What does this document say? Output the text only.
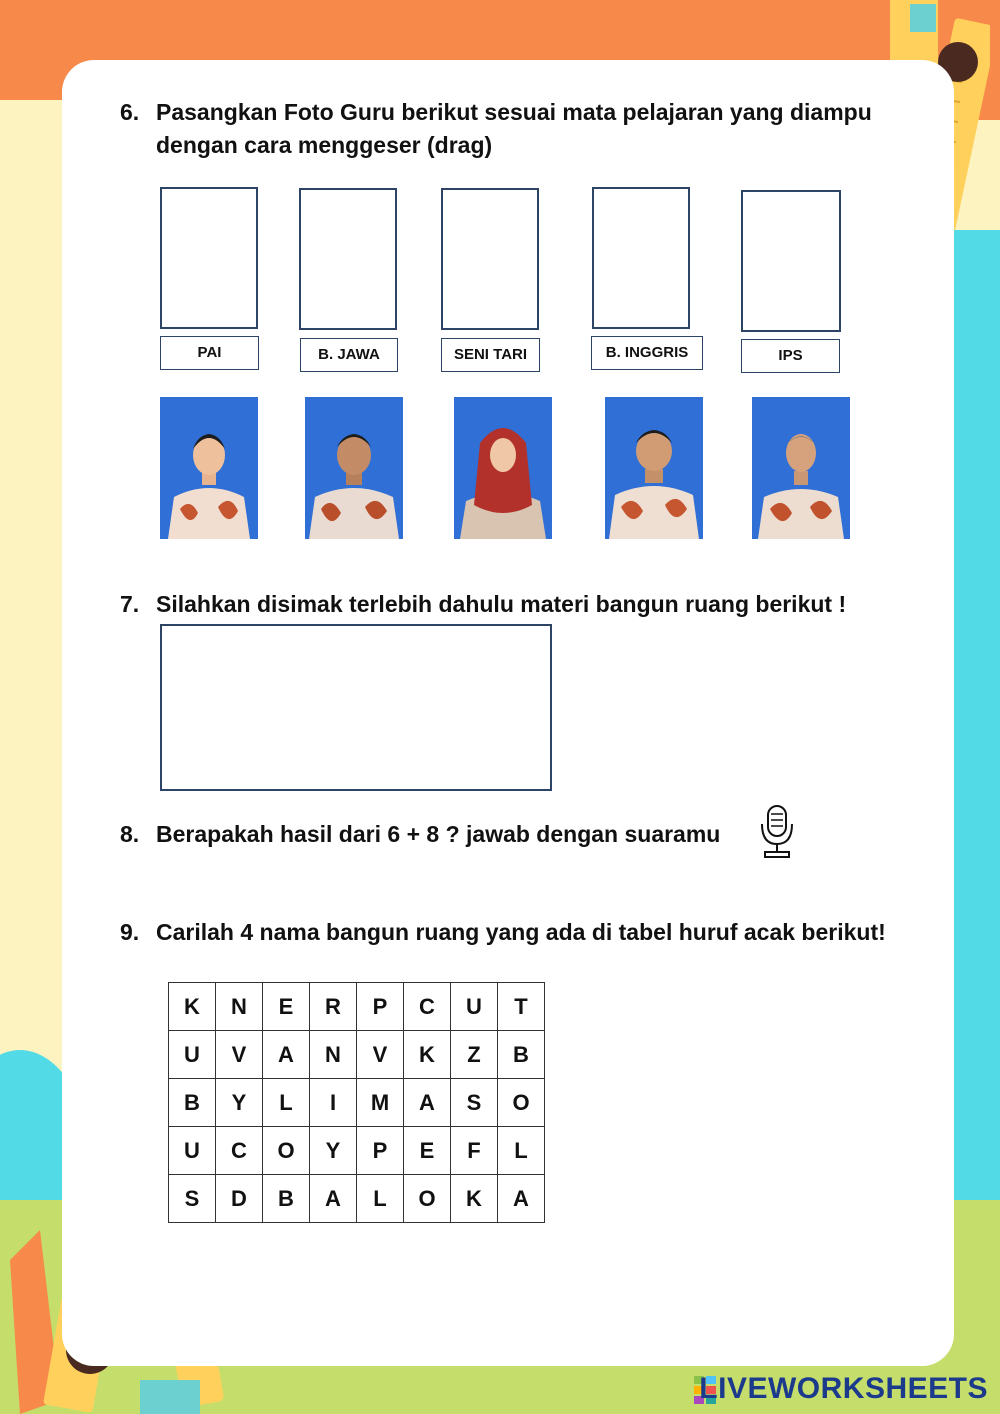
6. Pasangkan Foto Guru berikut sesuai mata pelajaran yang diampu
dengan cara menggeser (drag)
PAI	B. JAWA	SENI TARI	B. INGGRIS	IPS
7. Silahkan disimak terlebih dahulu materi bangun ruang berikut !
8. Berapakah hasil dari 6 + 8 ? jawab dengan suaramu
9. Carilah 4 nama bangun ruang yang ada di tabel huruf acak berikut!
K	N	E	R	P	C	U	T
U	V	A	N	V	K	Z	B
B	Y	L	I	M	A	S	O
U	C	O	Y	P	E	F	L
S	D	B	A	L	O	K	A
LIVEWORKSHEETS
